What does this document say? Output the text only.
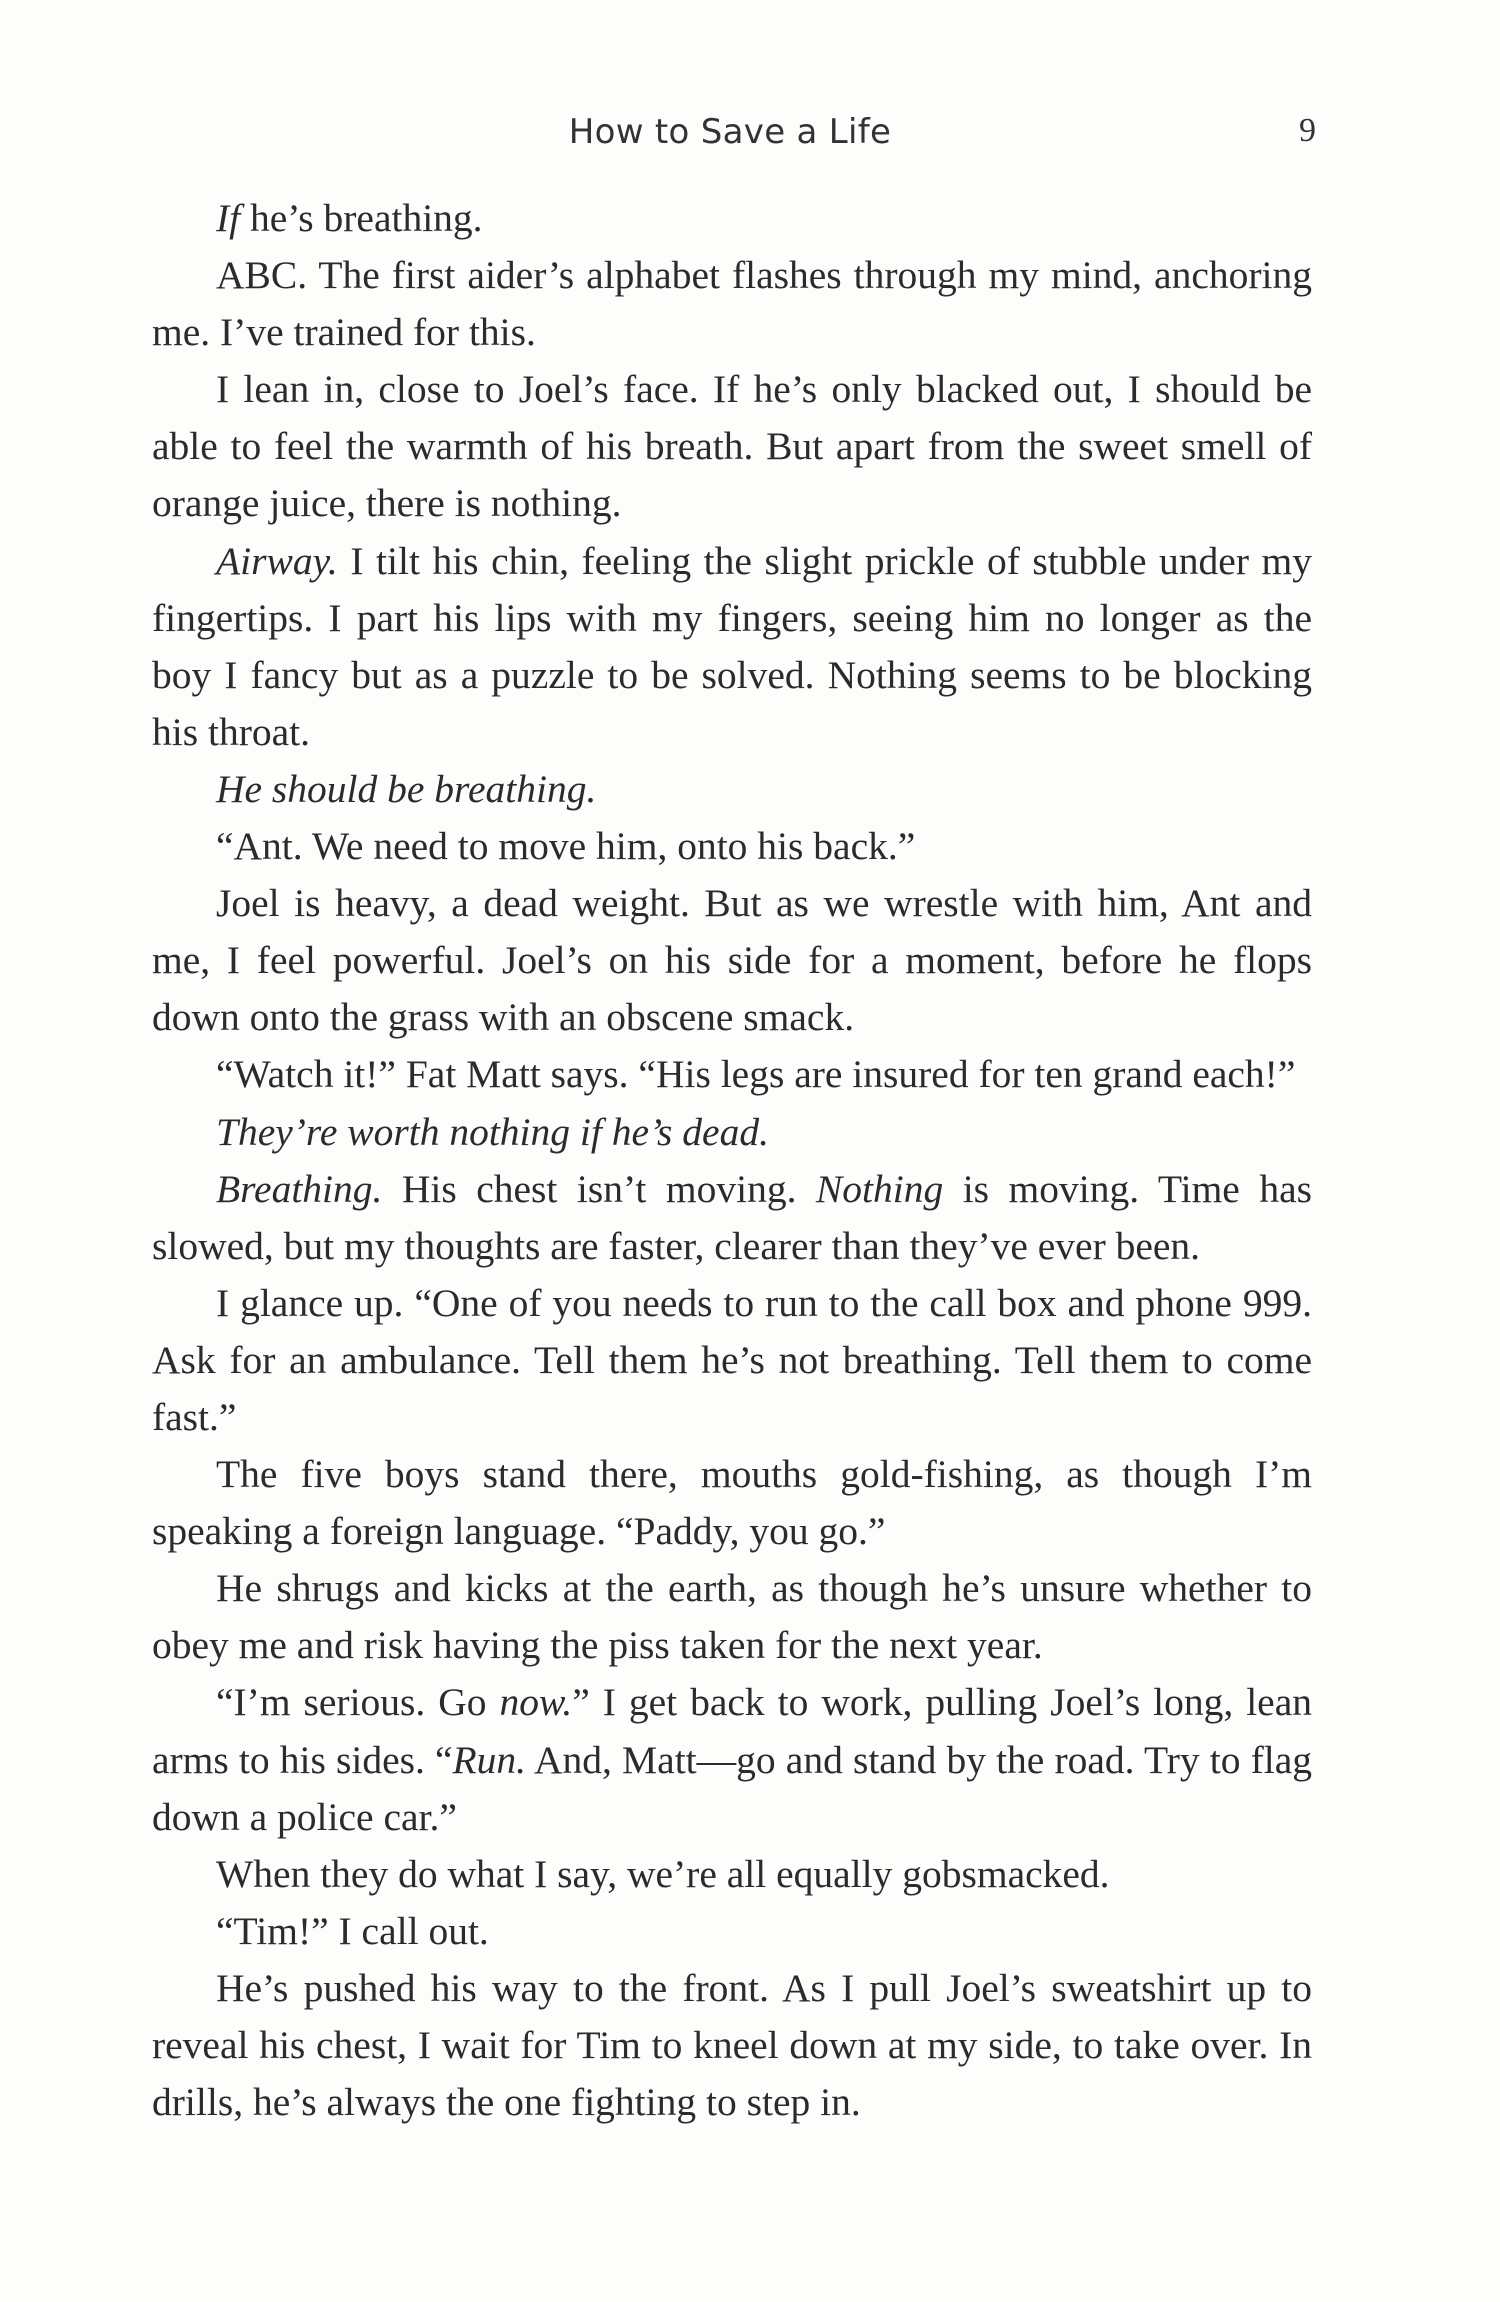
How to Save a Life	9

If he’s breathing.

ABC. The first aider’s alphabet flashes through my mind, anchoring me. I’ve trained for this.

I lean in, close to Joel’s face. If he’s only blacked out, I should be able to feel the warmth of his breath. But apart from the sweet smell of orange juice, there is nothing.

Airway. I tilt his chin, feeling the slight prickle of stubble under my fingertips. I part his lips with my fingers, seeing him no longer as the boy I fancy but as a puzzle to be solved. Nothing seems to be blocking his throat.

He should be breathing.

“Ant. We need to move him, onto his back.”

Joel is heavy, a dead weight. But as we wrestle with him, Ant and me, I feel powerful. Joel’s on his side for a moment, before he flops down onto the grass with an obscene smack.

“Watch it!” Fat Matt says. “His legs are insured for ten grand each!”

They’re worth nothing if he’s dead.

Breathing. His chest isn’t moving. Nothing is moving. Time has slowed, but my thoughts are faster, clearer than they’ve ever been.

I glance up. “One of you needs to run to the call box and phone 999. Ask for an ambulance. Tell them he’s not breathing. Tell them to come fast.”

The five boys stand there, mouths gold-fishing, as though I’m speaking a foreign language. “Paddy, you go.”

He shrugs and kicks at the earth, as though he’s unsure whether to obey me and risk having the piss taken for the next year.

“I’m serious. Go now.” I get back to work, pulling Joel’s long, lean arms to his sides. “Run. And, Matt—go and stand by the road. Try to flag down a police car.”

When they do what I say, we’re all equally gobsmacked.

“Tim!” I call out.

He’s pushed his way to the front. As I pull Joel’s sweatshirt up to reveal his chest, I wait for Tim to kneel down at my side, to take over. In drills, he’s always the one fighting to step in.
